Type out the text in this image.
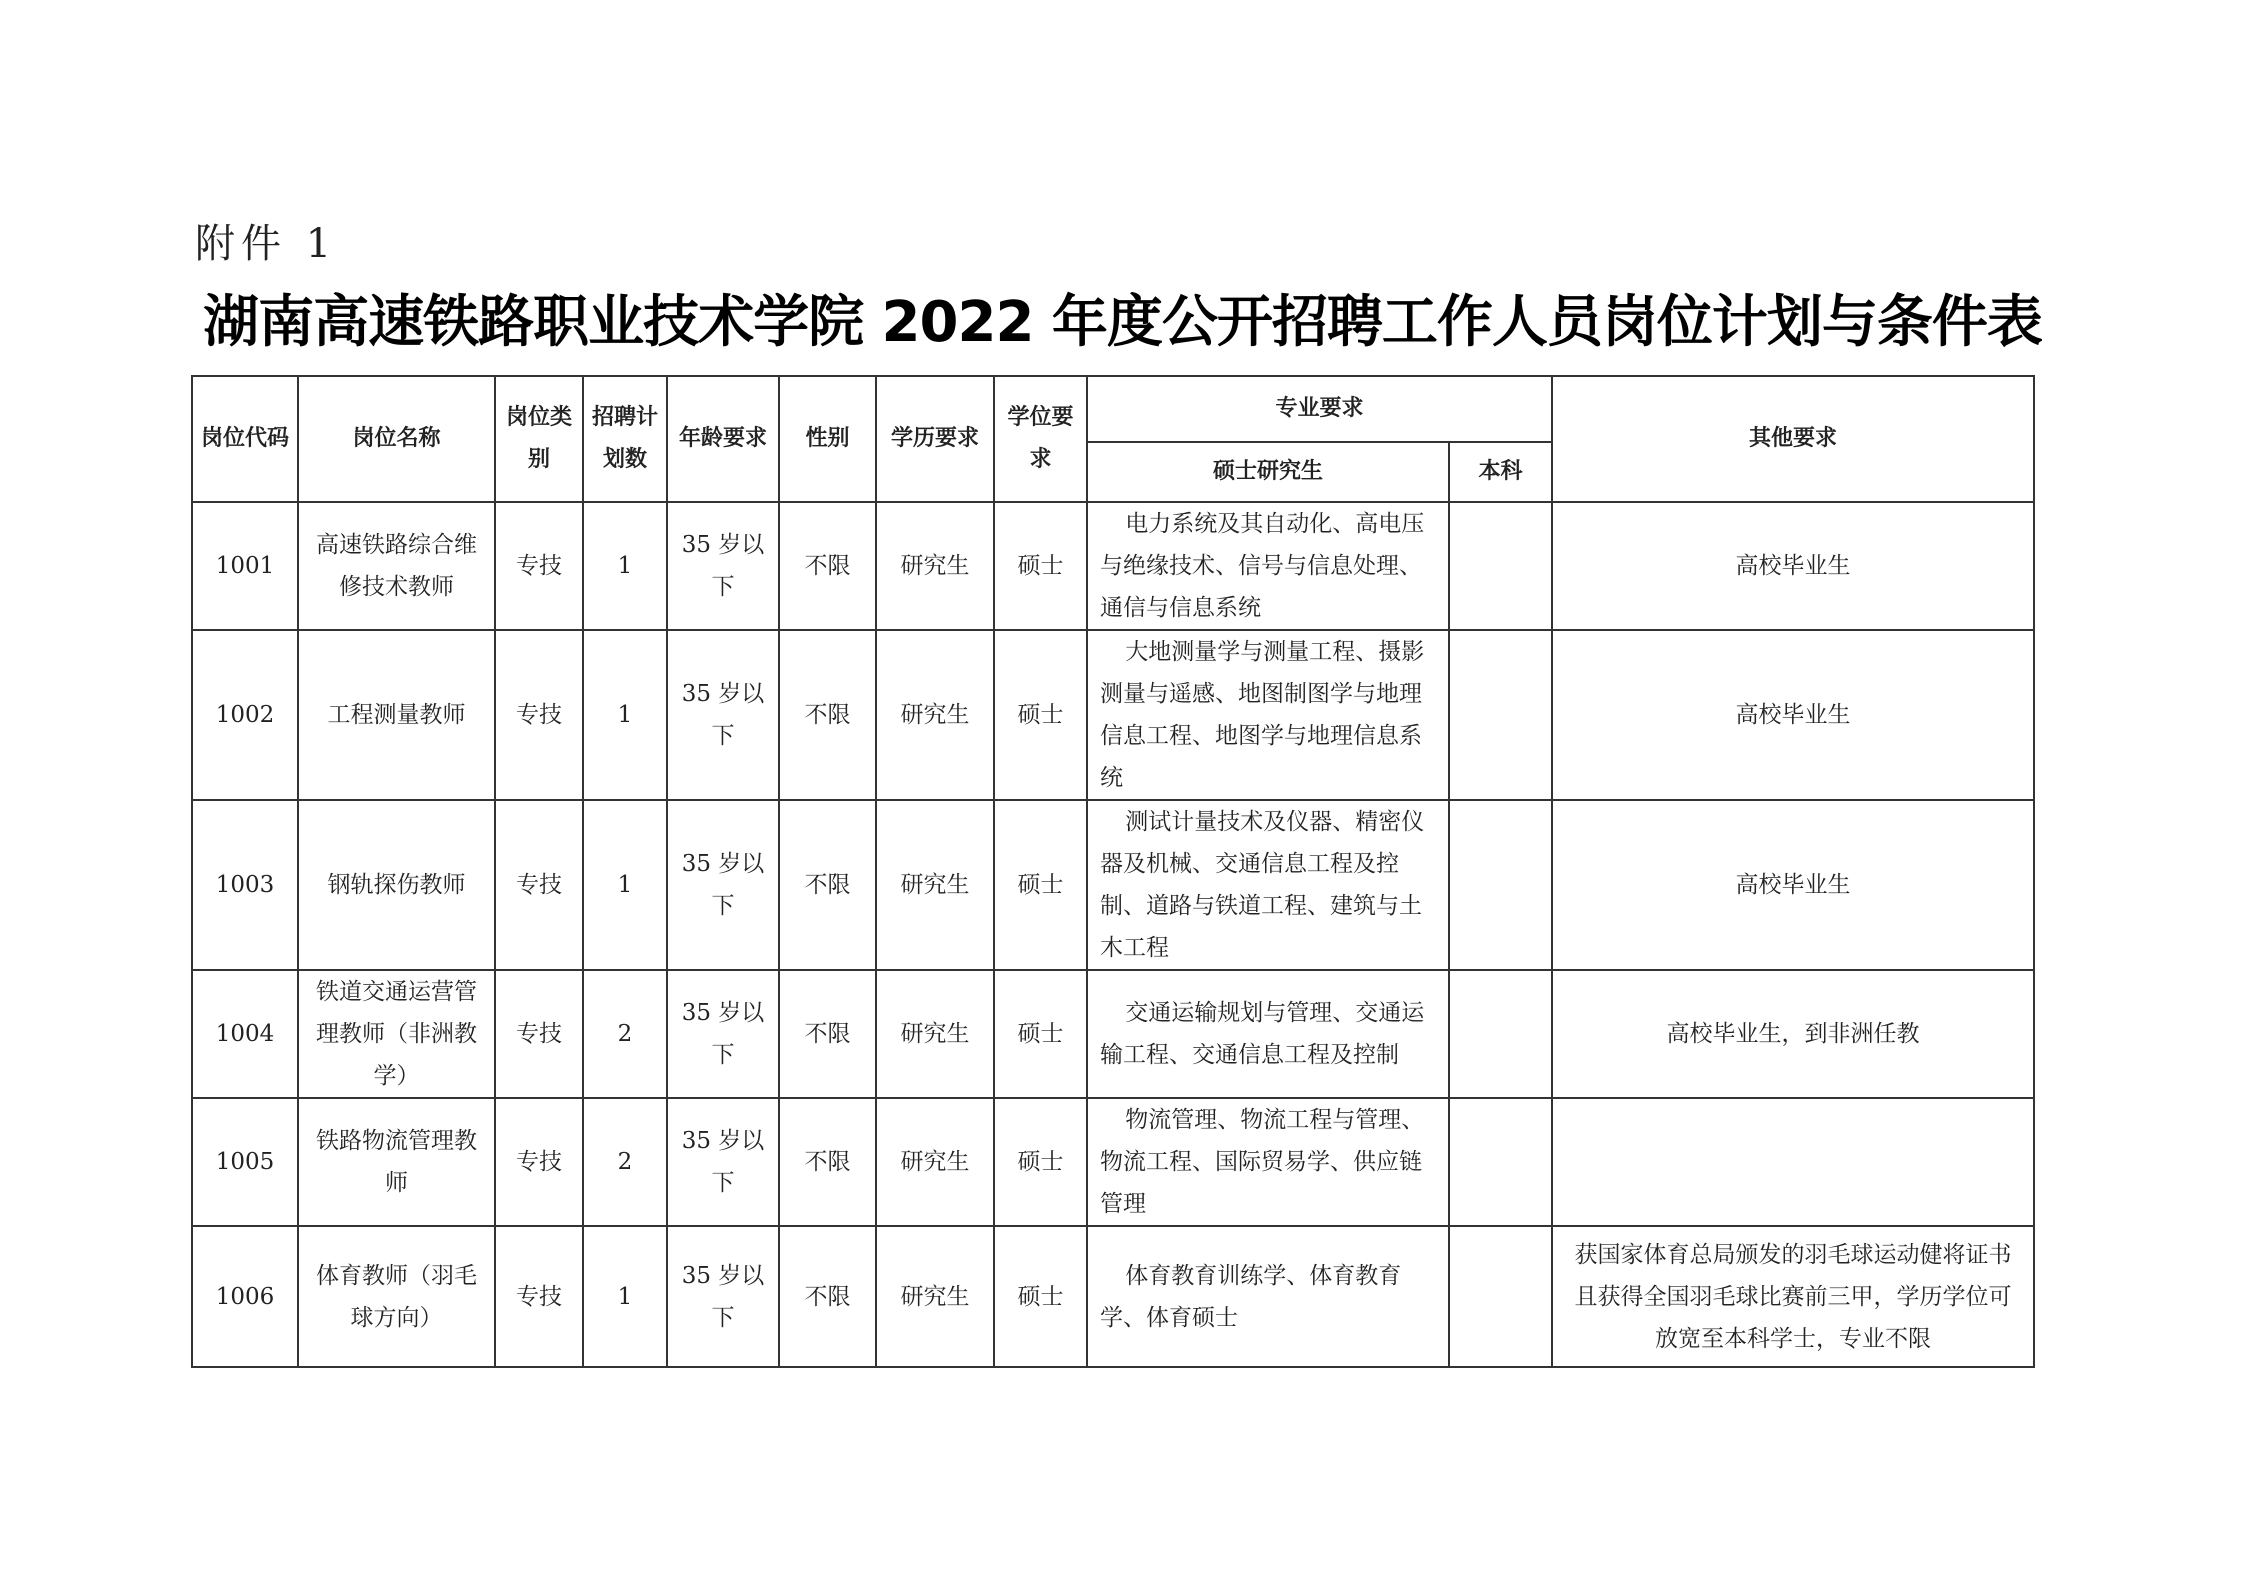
附件 1
湖南高速铁路职业技术学院 2022 年度公开招聘工作人员岗位计划与条件表
岗位代码	岗位名称	岗位类别	招聘计划数	年龄要求	性别	学历要求	学位要求	专业要求		其他要求
								硕士研究生	本科	
1001	高速铁路综合维修技术教师	专技	1	35 岁以下	不限	研究生	硕士	电力系统及其自动化、高电压与绝缘技术、信号与信息处理、通信与信息系统		高校毕业生
1002	工程测量教师	专技	1	35 岁以下	不限	研究生	硕士	大地测量学与测量工程、摄影测量与遥感、地图制图学与地理信息工程、地图学与地理信息系统		高校毕业生
1003	钢轨探伤教师	专技	1	35 岁以下	不限	研究生	硕士	测试计量技术及仪器、精密仪器及机械、交通信息工程及控制、道路与铁道工程、建筑与土木工程		高校毕业生
1004	铁道交通运营管理教师（非洲教学）	专技	2	35 岁以下	不限	研究生	硕士	交通运输规划与管理、交通运输工程、交通信息工程及控制		高校毕业生，到非洲任教
1005	铁路物流管理教师	专技	2	35 岁以下	不限	研究生	硕士	物流管理、物流工程与管理、物流工程、国际贸易学、供应链管理		

1006	体育教师（羽毛球方向）	专技	1	35 岁以下	不限	研究生	硕士	体育教育训练学、体育教育学、体育硕士		获国家体育总局颁发的羽毛球运动健将证书且获得全国羽毛球比赛前三甲，学历学位可放宽至本科学士，专业不限
